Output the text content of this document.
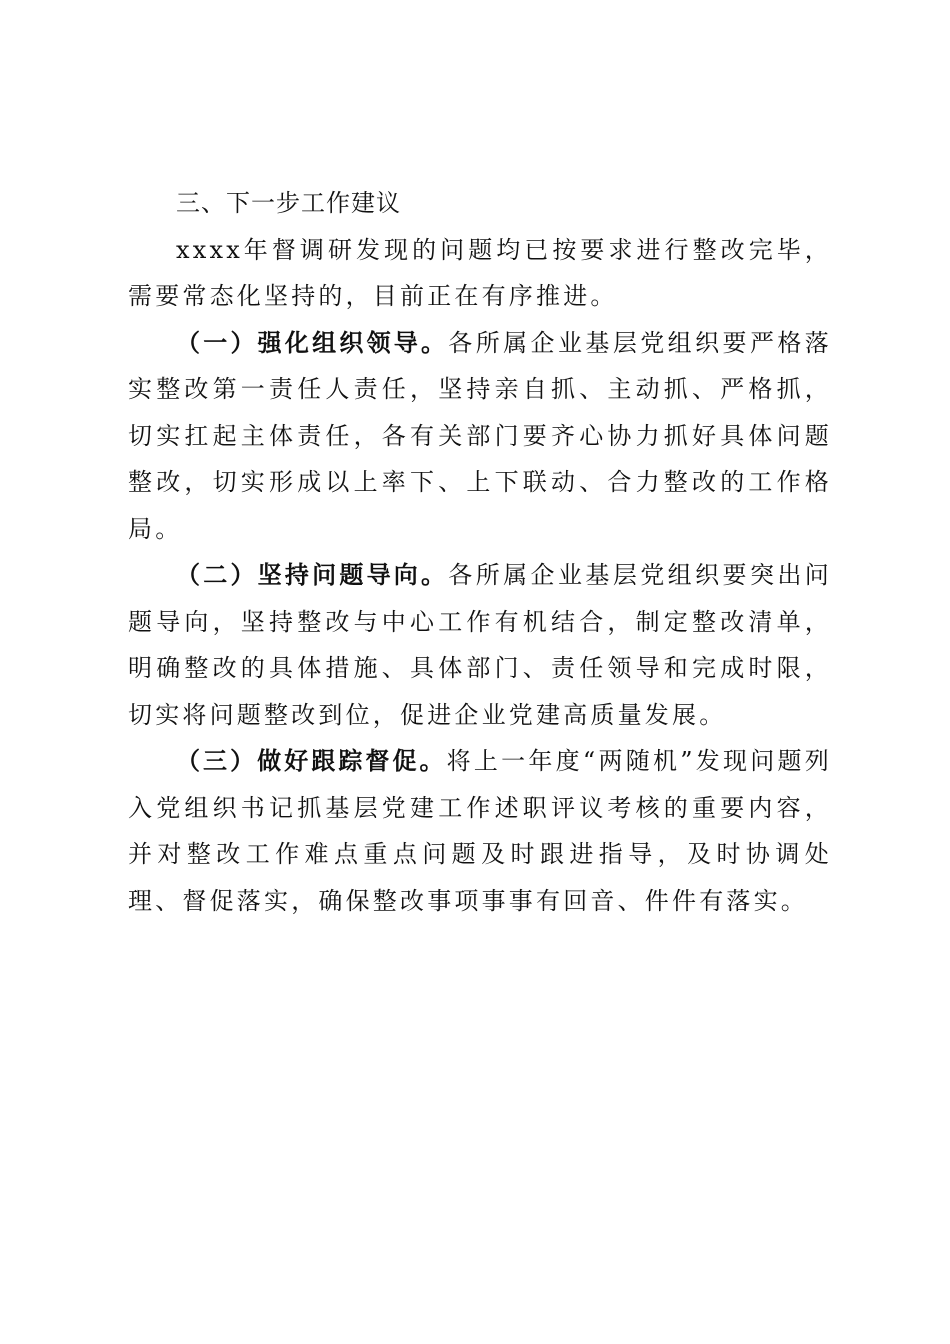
三、下一步工作建议

xxxx年督调研发现的问题均已按要求进行整改完毕，需要常态化坚持的，目前正在有序推进。

（一）强化组织领导。各所属企业基层党组织要严格落实整改第一责任人责任，坚持亲自抓、主动抓、严格抓，切实扛起主体责任，各有关部门要齐心协力抓好具体问题整改，切实形成以上率下、上下联动、合力整改的工作格局。

（二）坚持问题导向。各所属企业基层党组织要突出问题导向，坚持整改与中心工作有机结合，制定整改清单，明确整改的具体措施、具体部门、责任领导和完成时限，切实将问题整改到位，促进企业党建高质量发展。

（三）做好跟踪督促。将上一年度“两随机”发现问题列入党组织书记抓基层党建工作述职评议考核的重要内容，并对整改工作难点重点问题及时跟进指导，及时协调处理、督促落实，确保整改事项事事有回音、件件有落实。
